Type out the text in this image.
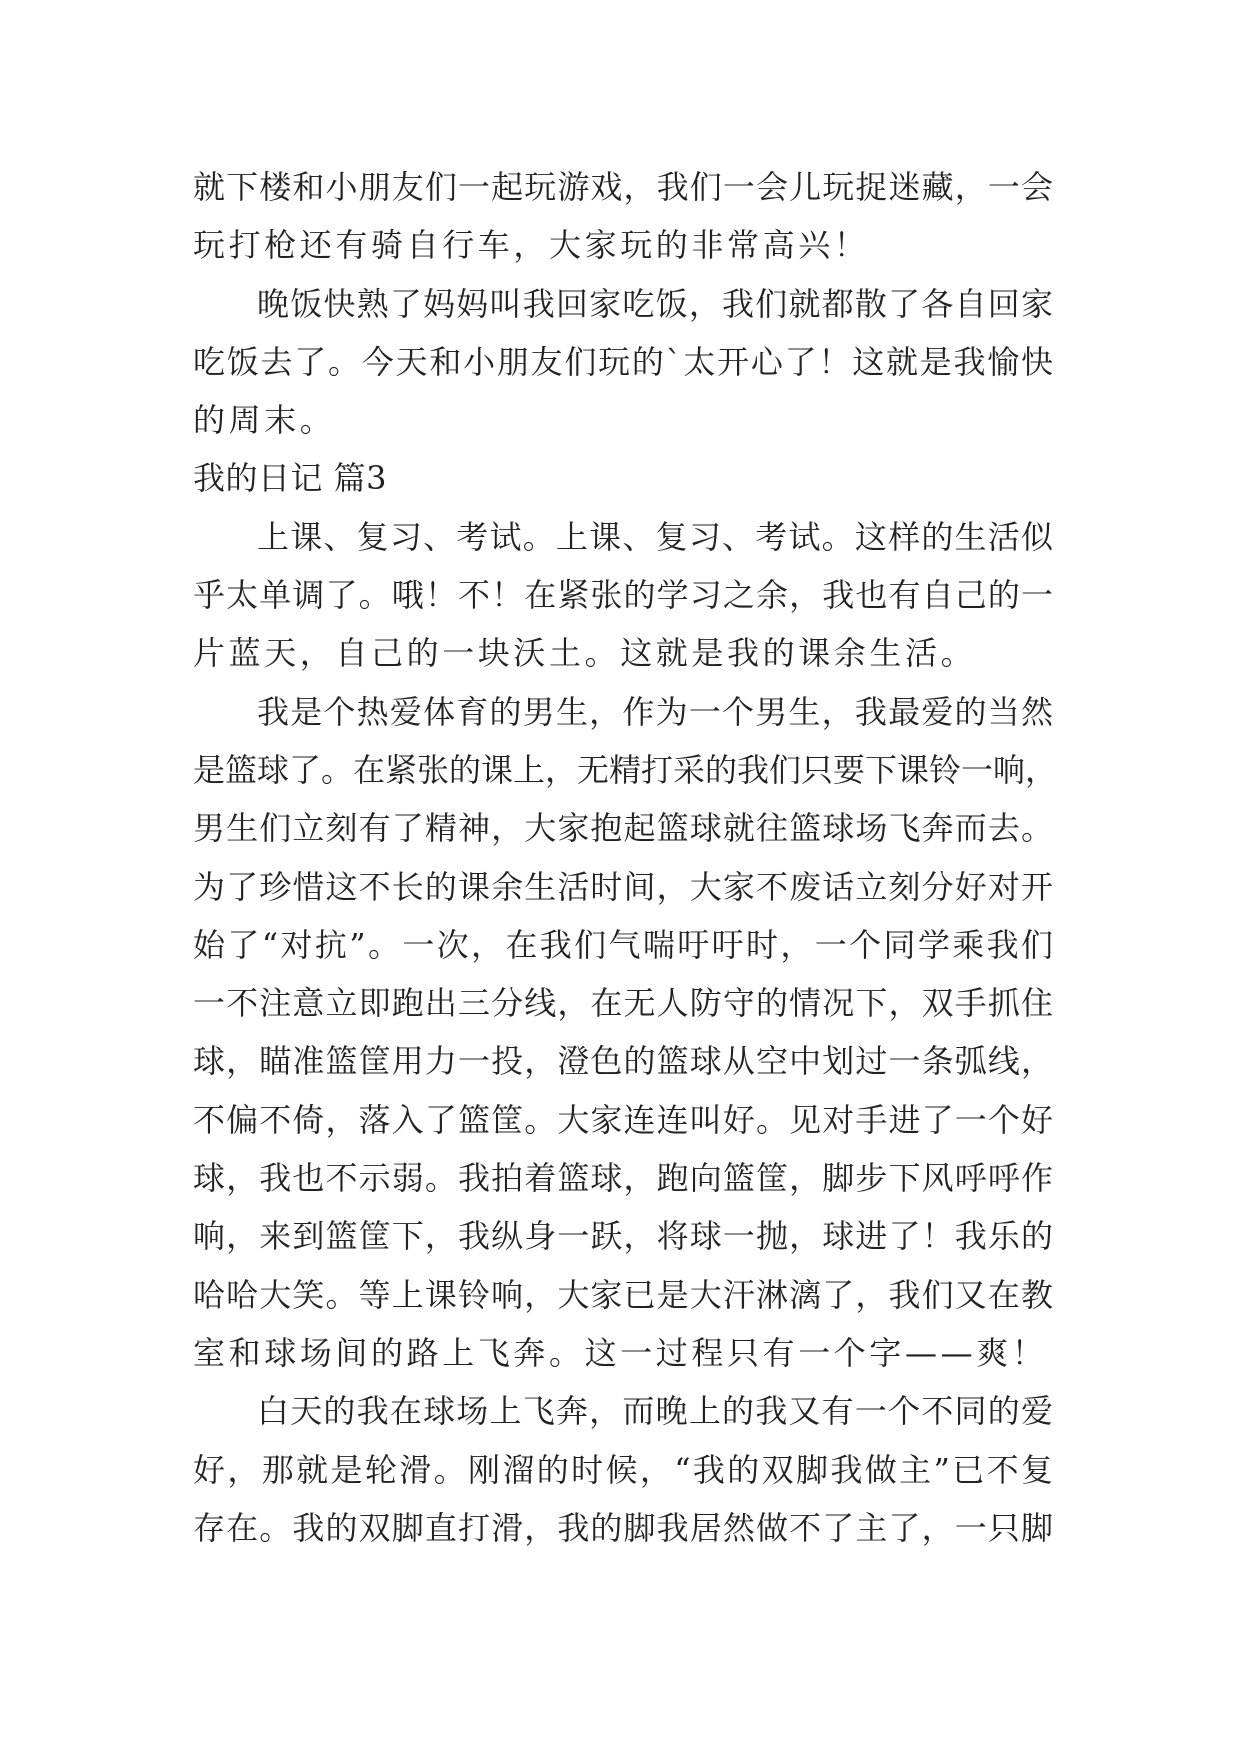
就下楼和小朋友们一起玩游戏，我们一会儿玩捉迷藏，一会
玩打枪还有骑自行车，大家玩的非常高兴！
晚饭快熟了妈妈叫我回家吃饭，我们就都散了各自回家
吃饭去了。今天和小朋友们玩的`太开心了！这就是我愉快
的周末。
我的日记 篇3
上课、复习、考试。上课、复习、考试。这样的生活似
乎太单调了。哦！不！在紧张的学习之余，我也有自己的一
片蓝天，自己的一块沃土。这就是我的课余生活。
我是个热爱体育的男生，作为一个男生，我最爱的当然
是篮球了。在紧张的课上，无精打采的我们只要下课铃一响，
男生们立刻有了精神，大家抱起篮球就往篮球场飞奔而去。
为了珍惜这不长的课余生活时间，大家不废话立刻分好对开
始了“对抗”。一次，在我们气喘吁吁时，一个同学乘我们
一不注意立即跑出三分线，在无人防守的情况下，双手抓住
球，瞄准篮筐用力一投，澄色的篮球从空中划过一条弧线，
不偏不倚，落入了篮筐。大家连连叫好。见对手进了一个好
球，我也不示弱。我拍着篮球，跑向篮筐，脚步下风呼呼作
响，来到篮筐下，我纵身一跃，将球一抛，球进了！我乐的
哈哈大笑。等上课铃响，大家已是大汗淋漓了，我们又在教
室和球场间的路上飞奔。这一过程只有一个字——爽！
白天的我在球场上飞奔，而晚上的我又有一个不同的爱
好，那就是轮滑。刚溜的时候，“我的双脚我做主”已不复
存在。我的双脚直打滑，我的脚我居然做不了主了，一只脚
